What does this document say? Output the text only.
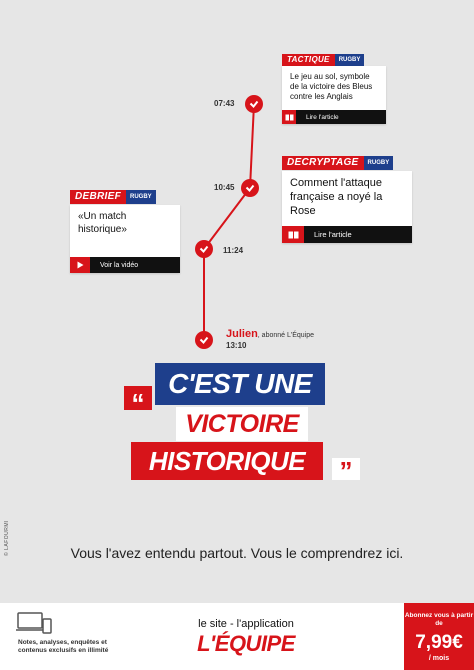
TACTIQUE	RUGBY
Le jeu au sol, symbole de la victoire des Bleus contre les Anglais
Lire l'article
07:43
DECRYPTAGE	RUGBY
Comment l'attaque française a noyé la Rose
Lire l'article
10:45
DEBRIEF	RUGBY
«Un match historique»
Voir la vidéo
11:24
Julien, abonné L'Équipe
13:10
“
C'EST UNE
VICTOIRE
HISTORIQUE	”
Vous l'avez entendu partout. Vous le comprendrez ici.
© LAFOURMI
Notes, analyses, enquêtes et contenus exclusifs en illimité
le site - l'application
L'ÉQUIPE
Abonnez vous à partir de
7,99€
/ mois
